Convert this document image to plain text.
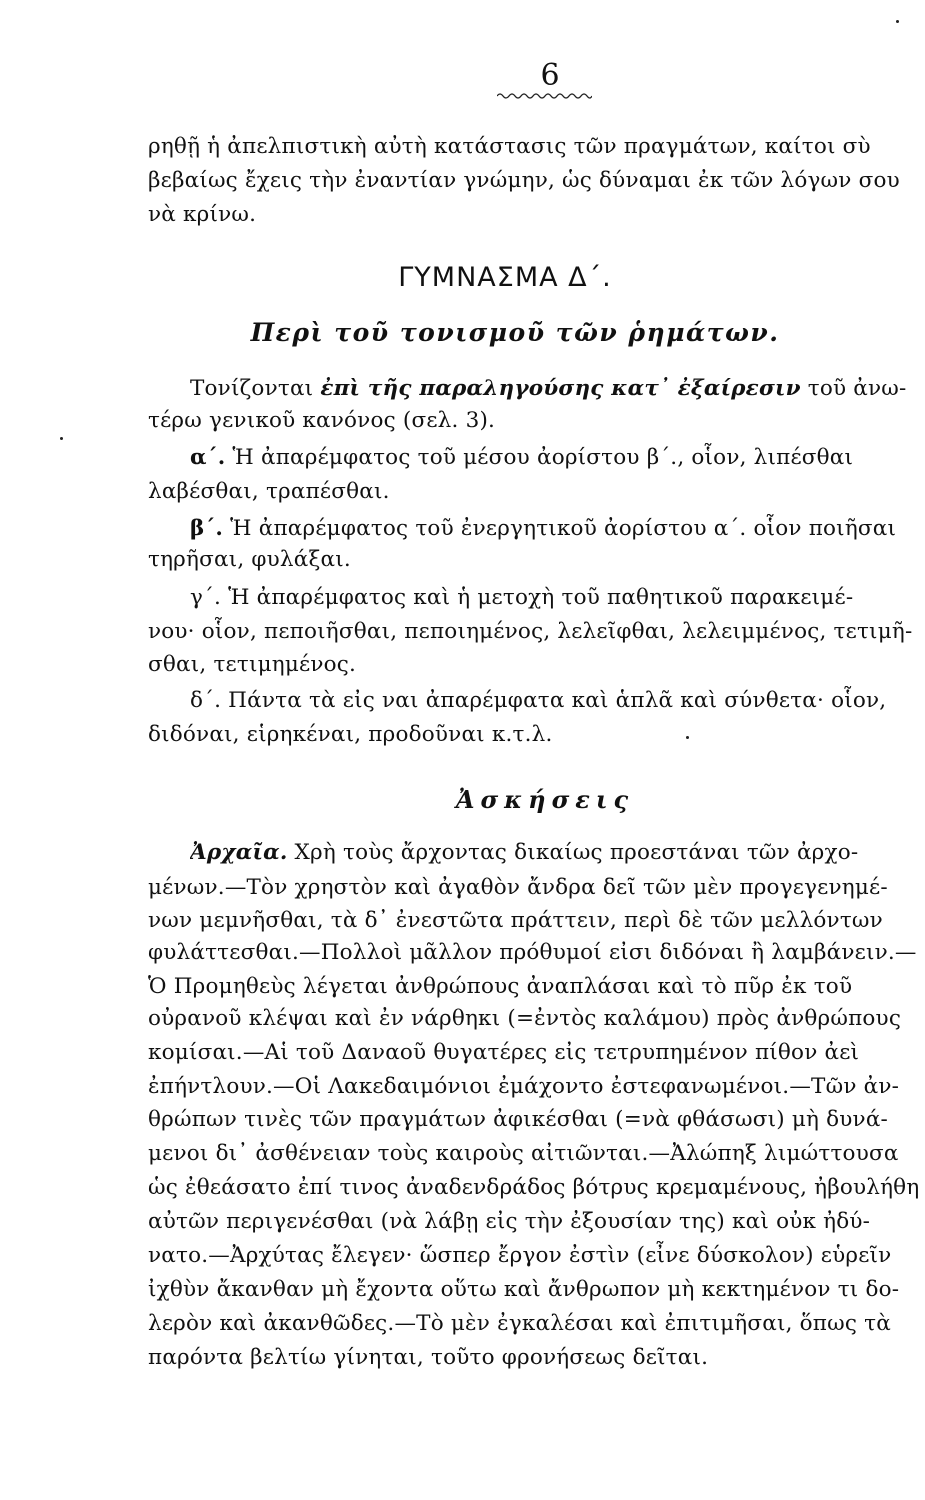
6
ρηθῇ ἡ ἀπελπιστικὴ αὐτὴ κατάστασις τῶν πραγμάτων, καίτοι σὺ
βεβαίως ἔχεις τὴν ἐναντίαν γνώμην, ὡς δύναμαι ἐκ τῶν λόγων σου
νὰ κρίνω.
ΓΥΜΝΑΣΜΑ Δ΄.
Περὶ τοῦ τονισμοῦ τῶν ῥημάτων.
Τονίζονται ἐπὶ τῆς παραληγούσης κατ᾿ ἐξαίρεσιν τοῦ ἀνω-
τέρω γενικοῦ κανόνος (σελ. 3).
α΄. Ἡ ἀπαρέμφατος τοῦ μέσου ἀορίστου β΄., οἷον, λιπέσθαι
λαβέσθαι, τραπέσθαι.
β΄. Ἡ ἀπαρέμφατος τοῦ ἐνεργητικοῦ ἀορίστου α΄. οἷον ποιῆσαι
τηρῆσαι, φυλάξαι.
γ΄. Ἡ ἀπαρέμφατος καὶ ἡ μετοχὴ τοῦ παθητικοῦ παρακειμέ-
νου· οἷον, πεποιῆσθαι, πεποιημένος, λελεῖφθαι, λελειμμένος, τετιμῆ-
σθαι, τετιμημένος.
δ΄. Πάντα τὰ εἰς ναι ἀπαρέμφατα καὶ ἁπλᾶ καὶ σύνθετα· οἷον,
διδόναι, εἱρηκέναι, προδοῦναι κ.τ.λ.
Ἀσκήσεις
Ἀρχαῖα. Χρὴ τοὺς ἄρχοντας δικαίως προεστάναι τῶν ἀρχο-
μένων.—Τὸν χρηστὸν καὶ ἀγαθὸν ἄνδρα δεῖ τῶν μὲν προγεγενημέ-
νων μεμνῆσθαι, τὰ δ᾿ ἐνεστῶτα πράττειν, περὶ δὲ τῶν μελλόντων
φυλάττεσθαι.—Πολλοὶ μᾶλλον πρόθυμοί εἰσι διδόναι ἢ λαμβάνειν.—
Ὁ Προμηθεὺς λέγεται ἀνθρώπους ἀναπλάσαι καὶ τὸ πῦρ ἐκ τοῦ
οὐρανοῦ κλέψαι καὶ ἐν νάρθηκι (=ἐντὸς καλάμου) πρὸς ἀνθρώπους
κομίσαι.—Αἱ τοῦ Δαναοῦ θυγατέρες εἰς τετρυπημένον πίθον ἀεὶ
ἐπήντλουν.—Οἱ Λακεδαιμόνιοι ἐμάχοντο ἐστεφανωμένοι.—Τῶν ἀν-
θρώπων τινὲς τῶν πραγμάτων ἀφικέσθαι (=νὰ φθάσωσι) μὴ δυνά-
μενοι δι᾿ ἀσθένειαν τοὺς καιροὺς αἰτιῶνται.—Ἀλώπηξ λιμώττουσα
ὡς ἐθεάσατο ἐπί τινος ἀναδενδράδος βότρυς κρεμαμένους, ἠβουλήθη
αὐτῶν περιγενέσθαι (νὰ λάβῃ εἰς τὴν ἐξουσίαν της) καὶ οὐκ ἠδύ-
νατο.—Ἀρχύτας ἔλεγεν· ὥσπερ ἔργον ἐστὶν (εἶνε δύσκολον) εὑρεῖν
ἰχθὺν ἄκανθαν μὴ ἔχοντα οὕτω καὶ ἄνθρωπον μὴ κεκτημένον τι δο-
λερὸν καὶ ἀκανθῶδες.—Τὸ μὲν ἐγκαλέσαι καὶ ἐπιτιμῆσαι, ὅπως τὰ
παρόντα βελτίω γίνηται, τοῦτο φρονήσεως δεῖται.
